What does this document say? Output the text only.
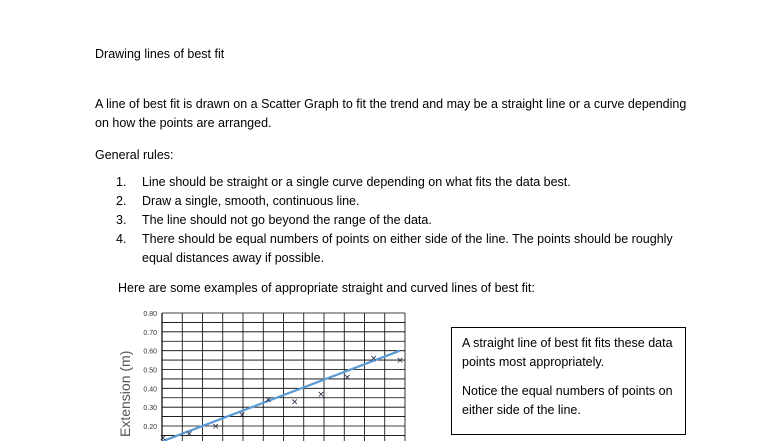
Drawing lines of best fit
A line of best fit is drawn on a Scatter Graph to fit the trend and may be a straight line or a curve depending on how the points are arranged.
General rules:
1. Line should be straight or a single curve depending on what fits the data best.
2. Draw a single, smooth, continuous line.
3. The line should not go beyond the range of the data.
4. There should be equal numbers of points on either side of the line. The points should be roughly equal distances away if possible.
Here are some examples of appropriate straight and curved lines of best fit:
0.80
0.70
0.60
0.50
0.40
0.30
0.20
Extension (m)
× ×
×
×
× ×
×
×
× ×

A straight line of best fit fits these data points most appropriately.

Notice the equal numbers of points on either side of the line.
